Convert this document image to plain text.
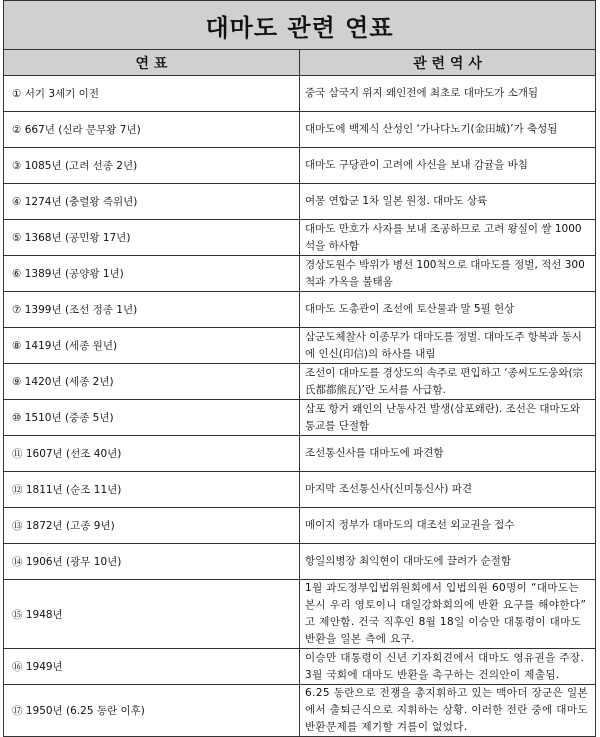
대마도 관련 연표	
연 표	관 련 역 사
① 서기 3세기 이전	중국 삼국지 위지 왜인전에 최초로 대마도가 소개됨
② 667년 (신라 문무왕 7년)	대마도에 백제식 산성인 ‘가나다노기(金田城)’가 축성됨
③ 1085년 (고려 선종 2년)	대마도 구당관이 고려에 사신을 보내 감귤을 바침
④ 1274년 (충렬왕 즉위년)	여몽 연합군 1차 일본 원정. 대마도 상륙
⑤ 1368년 (공민왕 17년)	대마도 만호가 사자를 보내 조공하므로 고려 왕실이 쌀 1000석을 하사함
⑥ 1389년 (공양왕 1년)	경상도원수 박위가 병선 100척으로 대마도를 정벌, 적선 300척과 가옥을 불태움
⑦ 1399년 (조선 정종 1년)	대마도 도총관이 조선에 토산물과 말 5필 헌상
⑧ 1419년 (세종 원년)	삼군도체찰사 이종무가 대마도를 정벌. 대마도주 항복과 동시에 인신(印信)의 하사를 내림
⑨ 1420년 (세종 2년)	조선이 대마도를 경상도의 속주로 편입하고 ‘종씨도도웅와(宗氏都都熊瓦)’란 도서를 사급함.
⑩ 1510년 (중종 5년)	삼포 항거 왜인의 난동사건 발생(삼포왜란). 조선은 대마도와 통교를 단절함
⑪ 1607년 (선조 40년)	조선통신사를 대마도에 파견함
⑫ 1811년 (순조 11년)	마지막 조선통신사(신미통신사) 파견
⑬ 1872년 (고종 9년)	메이지 정부가 대마도의 대조선 외교권을 접수
⑭ 1906년 (광무 10년)	항일의병장 최익현이 대마도에 끌려가 순절함
⑮ 1948년	1월 과도정부입법위원회에서 입법의원 60명이 “대마도는 본시 우리 영토이니 대일강화회의에 반환 요구를 해야한다” 고 제안함. 건국 직후인 8월 18일 이승만 대통령이 대마도 반환을 일본 측에 요구.
⑯ 1949년	이승만 대통령이 신년 기자회견에서 대마도 영유권을 주장. 3월 국회에 대마도 반환을 촉구하는 건의안이 제출됨.
⑰ 1950년 (6.25 동란 이후)	6.25 동란으로 전쟁을 총지휘하고 있는 맥아더 장군은 일본에서 출퇴근식으로 지휘하는 상황. 이러한 전란 중에 대마도 반환문제를 제기할 겨를이 없었다.
